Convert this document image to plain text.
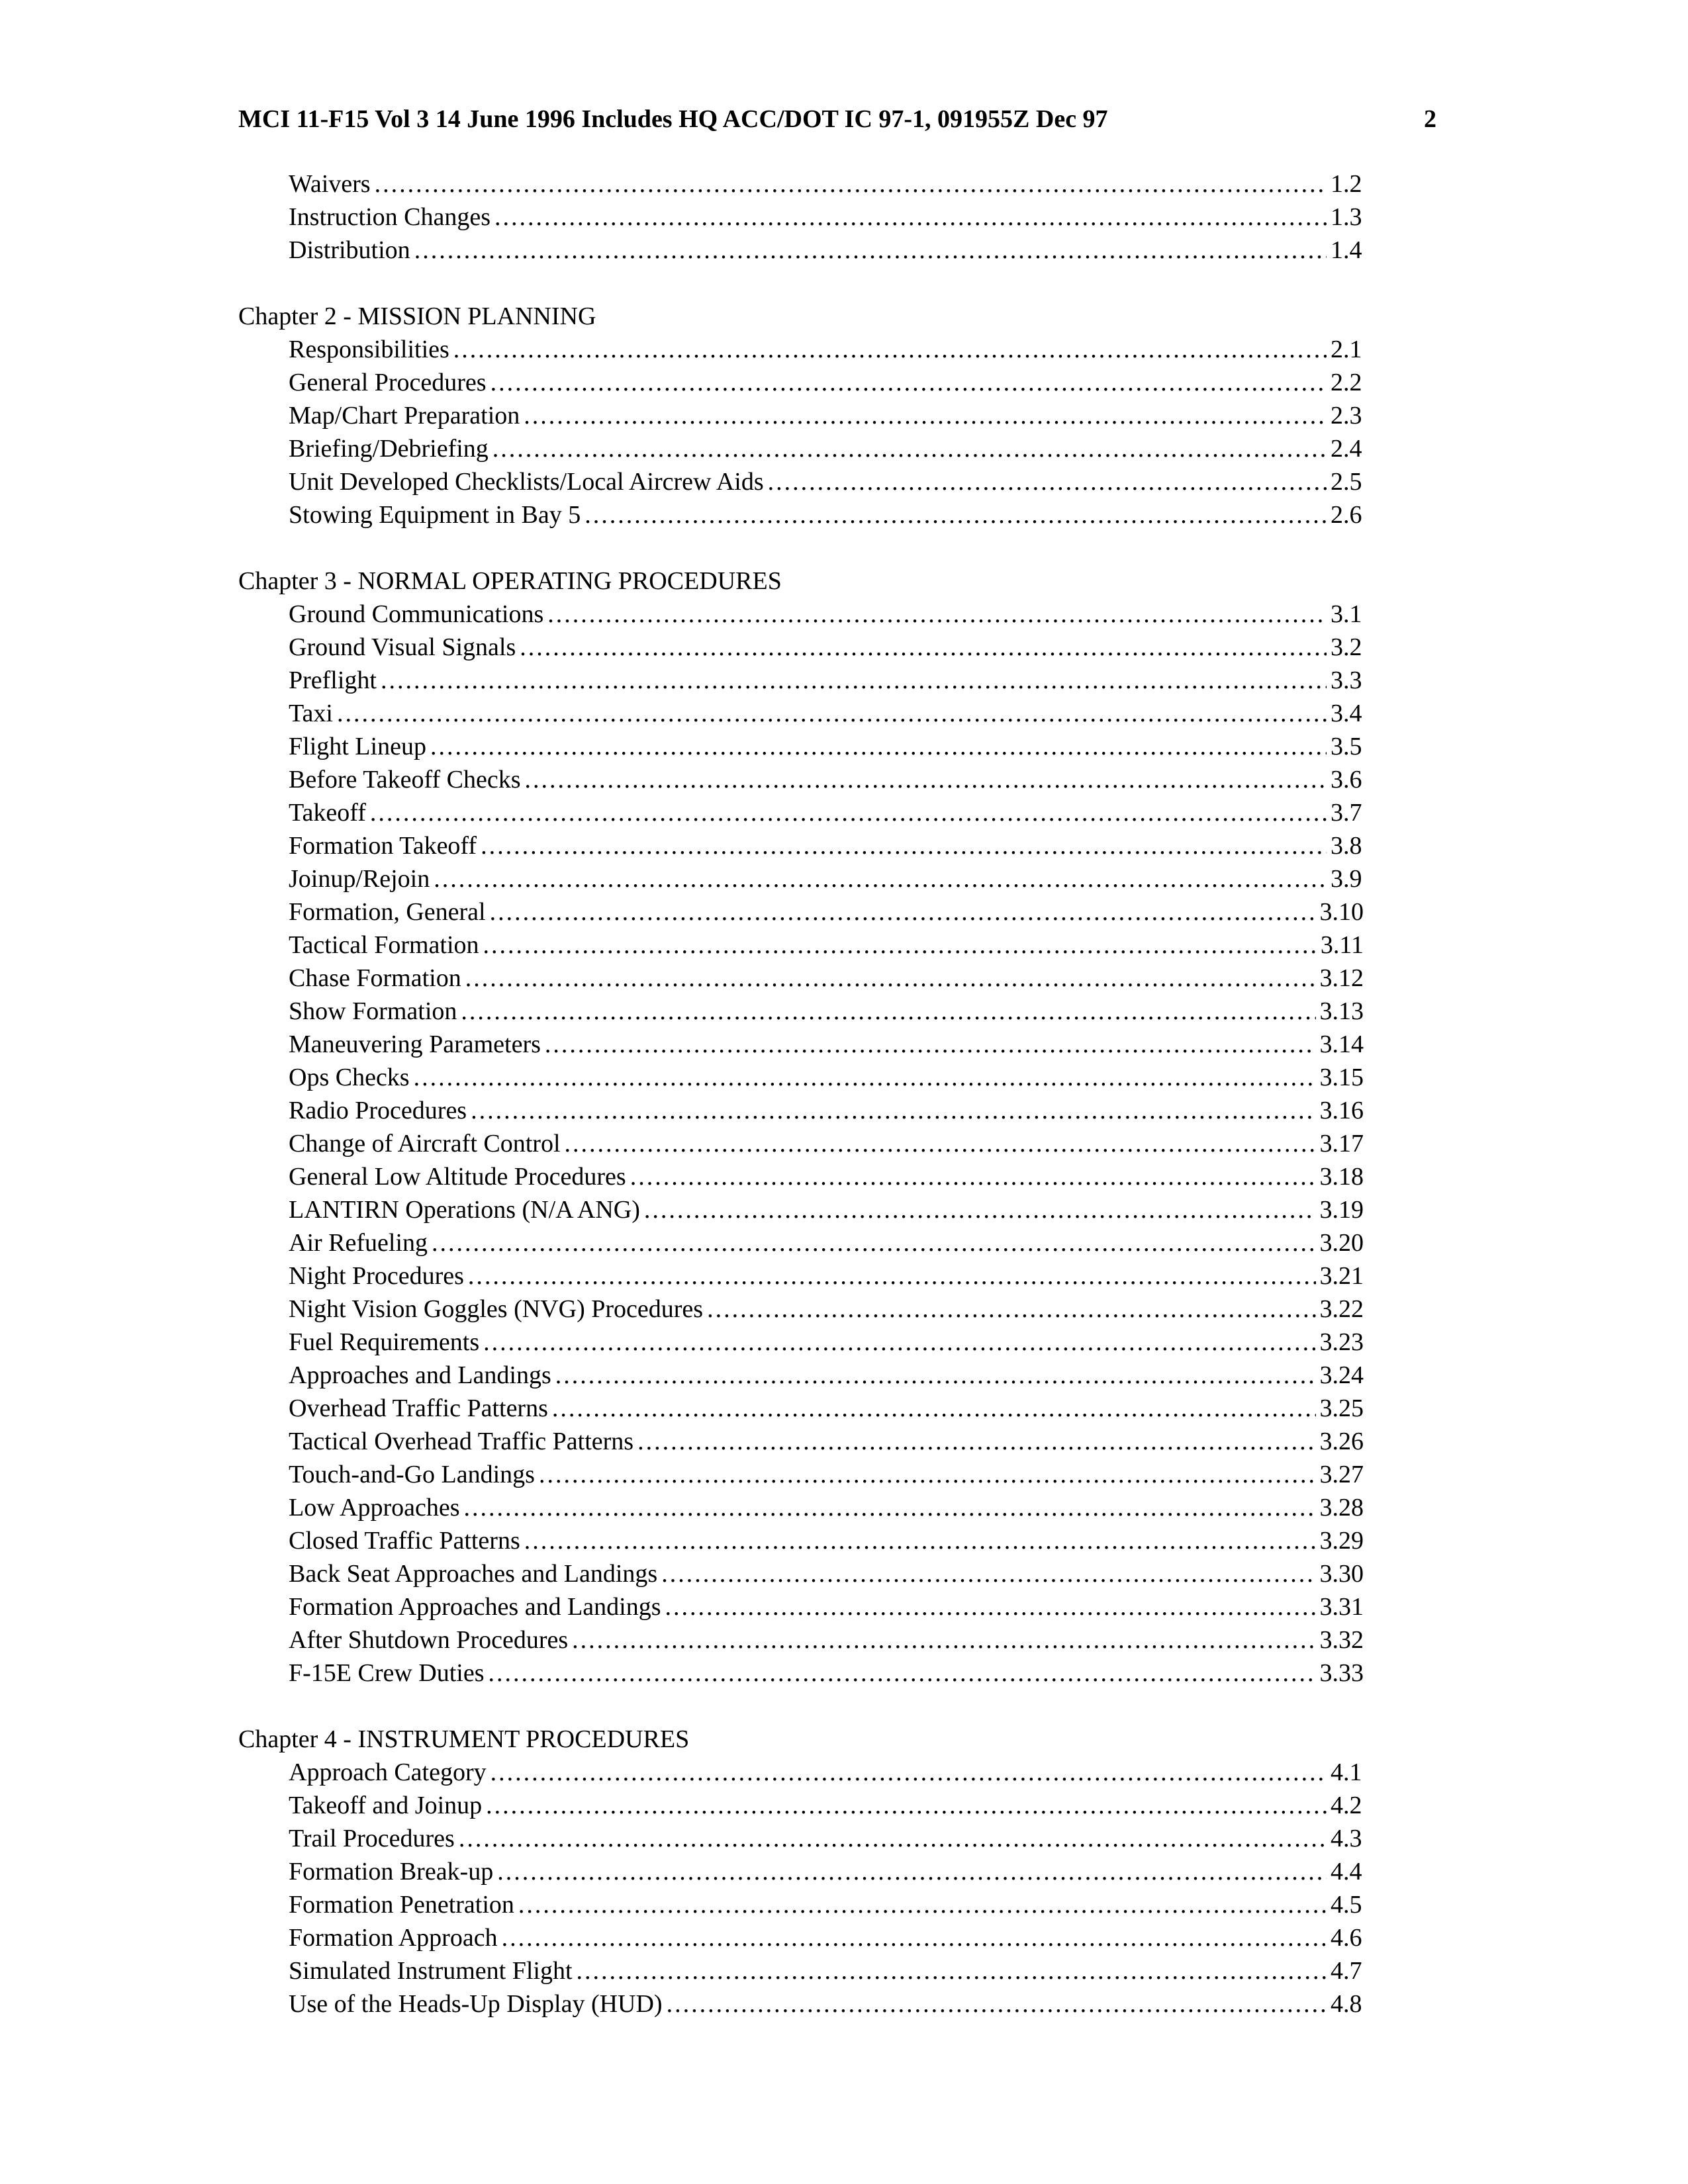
MCI 11-F15 Vol 3 14 June 1996 Includes HQ ACC/DOT IC 97-1, 091955Z Dec 97	2
Waivers .....	1.2
Instruction Changes .....	1.3
Distribution .....	1.4
Chapter 2 - MISSION PLANNING
Responsibilities .....	2.1
General Procedures .....	2.2
Map/Chart Preparation .....	2.3
Briefing/Debriefing .....	2.4
Unit Developed Checklists/Local Aircrew Aids .....	2.5
Stowing Equipment in Bay 5 .....	2.6
Chapter 3 - NORMAL OPERATING PROCEDURES
Ground Communications .....	3.1
Ground Visual Signals .....	3.2
Preflight .....	3.3
Taxi .....	3.4
Flight Lineup .....	3.5
Before Takeoff Checks .....	3.6
Takeoff .....	3.7
Formation Takeoff .....	3.8
Joinup/Rejoin .....	3.9
Formation, General .....	3.10
Tactical Formation .....	3.11
Chase Formation .....	3.12
Show Formation .....	3.13
Maneuvering Parameters .....	3.14
Ops Checks .....	3.15
Radio Procedures .....	3.16
Change of Aircraft Control .....	3.17
General Low Altitude Procedures .....	3.18
LANTIRN Operations (N/A ANG) .....	3.19
Air Refueling .....	3.20
Night Procedures .....	3.21
Night Vision Goggles (NVG) Procedures .....	3.22
Fuel Requirements .....	3.23
Approaches and Landings .....	3.24
Overhead Traffic Patterns .....	3.25
Tactical Overhead Traffic Patterns .....	3.26
Touch-and-Go Landings .....	3.27
Low Approaches .....	3.28
Closed Traffic Patterns .....	3.29
Back Seat Approaches and Landings .....	3.30
Formation Approaches and Landings .....	3.31
After Shutdown Procedures .....	3.32
F-15E Crew Duties .....	3.33
Chapter 4 - INSTRUMENT PROCEDURES
Approach Category .....	4.1
Takeoff and Joinup .....	4.2
Trail Procedures .....	4.3
Formation Break-up .....	4.4
Formation Penetration .....	4.5
Formation Approach .....	4.6
Simulated Instrument Flight .....	4.7
Use of the Heads-Up Display (HUD) .....	4.8
